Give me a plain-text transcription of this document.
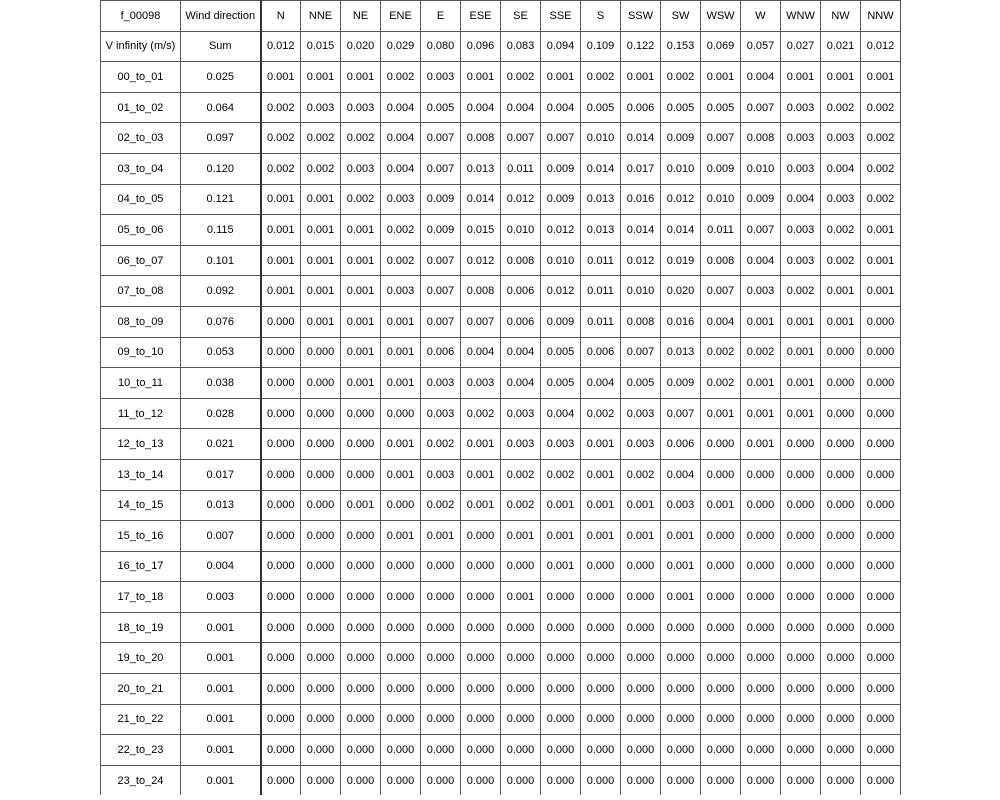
f_00098	Wind direction	N	NNE	NE	ENE	E	ESE	SE	SSE	S	SSW	SW	WSW	W	WNW	NW	NNW
V infinity (m/s)	Sum	0.012	0.015	0.020	0.029	0.080	0.096	0.083	0.094	0.109	0.122	0.153	0.069	0.057	0.027	0.021	0.012
00_to_01	0.025	0.001	0.001	0.001	0.002	0.003	0.001	0.002	0.001	0.002	0.001	0.002	0.001	0.004	0.001	0.001	0.001
01_to_02	0.064	0.002	0.003	0.003	0.004	0.005	0.004	0.004	0.004	0.005	0.006	0.005	0.005	0.007	0.003	0.002	0.002
02_to_03	0.097	0.002	0.002	0.002	0.004	0.007	0.008	0.007	0.007	0.010	0.014	0.009	0.007	0.008	0.003	0.003	0.002
03_to_04	0.120	0.002	0.002	0.003	0.004	0.007	0.013	0.011	0.009	0.014	0.017	0.010	0.009	0.010	0.003	0.004	0.002
04_to_05	0.121	0.001	0.001	0.002	0.003	0.009	0.014	0.012	0.009	0.013	0.016	0.012	0.010	0.009	0.004	0.003	0.002
05_to_06	0.115	0.001	0.001	0.001	0.002	0.009	0.015	0.010	0.012	0.013	0.014	0.014	0.011	0.007	0.003	0.002	0.001
06_to_07	0.101	0.001	0.001	0.001	0.002	0.007	0.012	0.008	0.010	0.011	0.012	0.019	0.008	0.004	0.003	0.002	0.001
07_to_08	0.092	0.001	0.001	0.001	0.003	0.007	0.008	0.006	0.012	0.011	0.010	0.020	0.007	0.003	0.002	0.001	0.001
08_to_09	0.076	0.000	0.001	0.001	0.001	0.007	0.007	0.006	0.009	0.011	0.008	0.016	0.004	0.001	0.001	0.001	0.000
09_to_10	0.053	0.000	0.000	0.001	0.001	0.006	0.004	0.004	0.005	0.006	0.007	0.013	0.002	0.002	0.001	0.000	0.000
10_to_11	0.038	0.000	0.000	0.001	0.001	0.003	0.003	0.004	0.005	0.004	0.005	0.009	0.002	0.001	0.001	0.000	0.000
11_to_12	0.028	0.000	0.000	0.000	0.000	0.003	0.002	0.003	0.004	0.002	0.003	0.007	0.001	0.001	0.001	0.000	0.000
12_to_13	0.021	0.000	0.000	0.000	0.001	0.002	0.001	0.003	0.003	0.001	0.003	0.006	0.000	0.001	0.000	0.000	0.000
13_to_14	0.017	0.000	0.000	0.000	0.001	0.003	0.001	0.002	0.002	0.001	0.002	0.004	0.000	0.000	0.000	0.000	0.000
14_to_15	0.013	0.000	0.000	0.001	0.000	0.002	0.001	0.002	0.001	0.001	0.001	0.003	0.001	0.000	0.000	0.000	0.000
15_to_16	0.007	0.000	0.000	0.000	0.001	0.001	0.000	0.001	0.001	0.001	0.001	0.001	0.000	0.000	0.000	0.000	0.000
16_to_17	0.004	0.000	0.000	0.000	0.000	0.000	0.000	0.000	0.001	0.000	0.000	0.001	0.000	0.000	0.000	0.000	0.000
17_to_18	0.003	0.000	0.000	0.000	0.000	0.000	0.000	0.001	0.000	0.000	0.000	0.001	0.000	0.000	0.000	0.000	0.000
18_to_19	0.001	0.000	0.000	0.000	0.000	0.000	0.000	0.000	0.000	0.000	0.000	0.000	0.000	0.000	0.000	0.000	0.000
19_to_20	0.001	0.000	0.000	0.000	0.000	0.000	0.000	0.000	0.000	0.000	0.000	0.000	0.000	0.000	0.000	0.000	0.000
20_to_21	0.001	0.000	0.000	0.000	0.000	0.000	0.000	0.000	0.000	0.000	0.000	0.000	0.000	0.000	0.000	0.000	0.000
21_to_22	0.001	0.000	0.000	0.000	0.000	0.000	0.000	0.000	0.000	0.000	0.000	0.000	0.000	0.000	0.000	0.000	0.000
22_to_23	0.001	0.000	0.000	0.000	0.000	0.000	0.000	0.000	0.000	0.000	0.000	0.000	0.000	0.000	0.000	0.000	0.000
23_to_24	0.001	0.000	0.000	0.000	0.000	0.000	0.000	0.000	0.000	0.000	0.000	0.000	0.000	0.000	0.000	0.000	0.000
